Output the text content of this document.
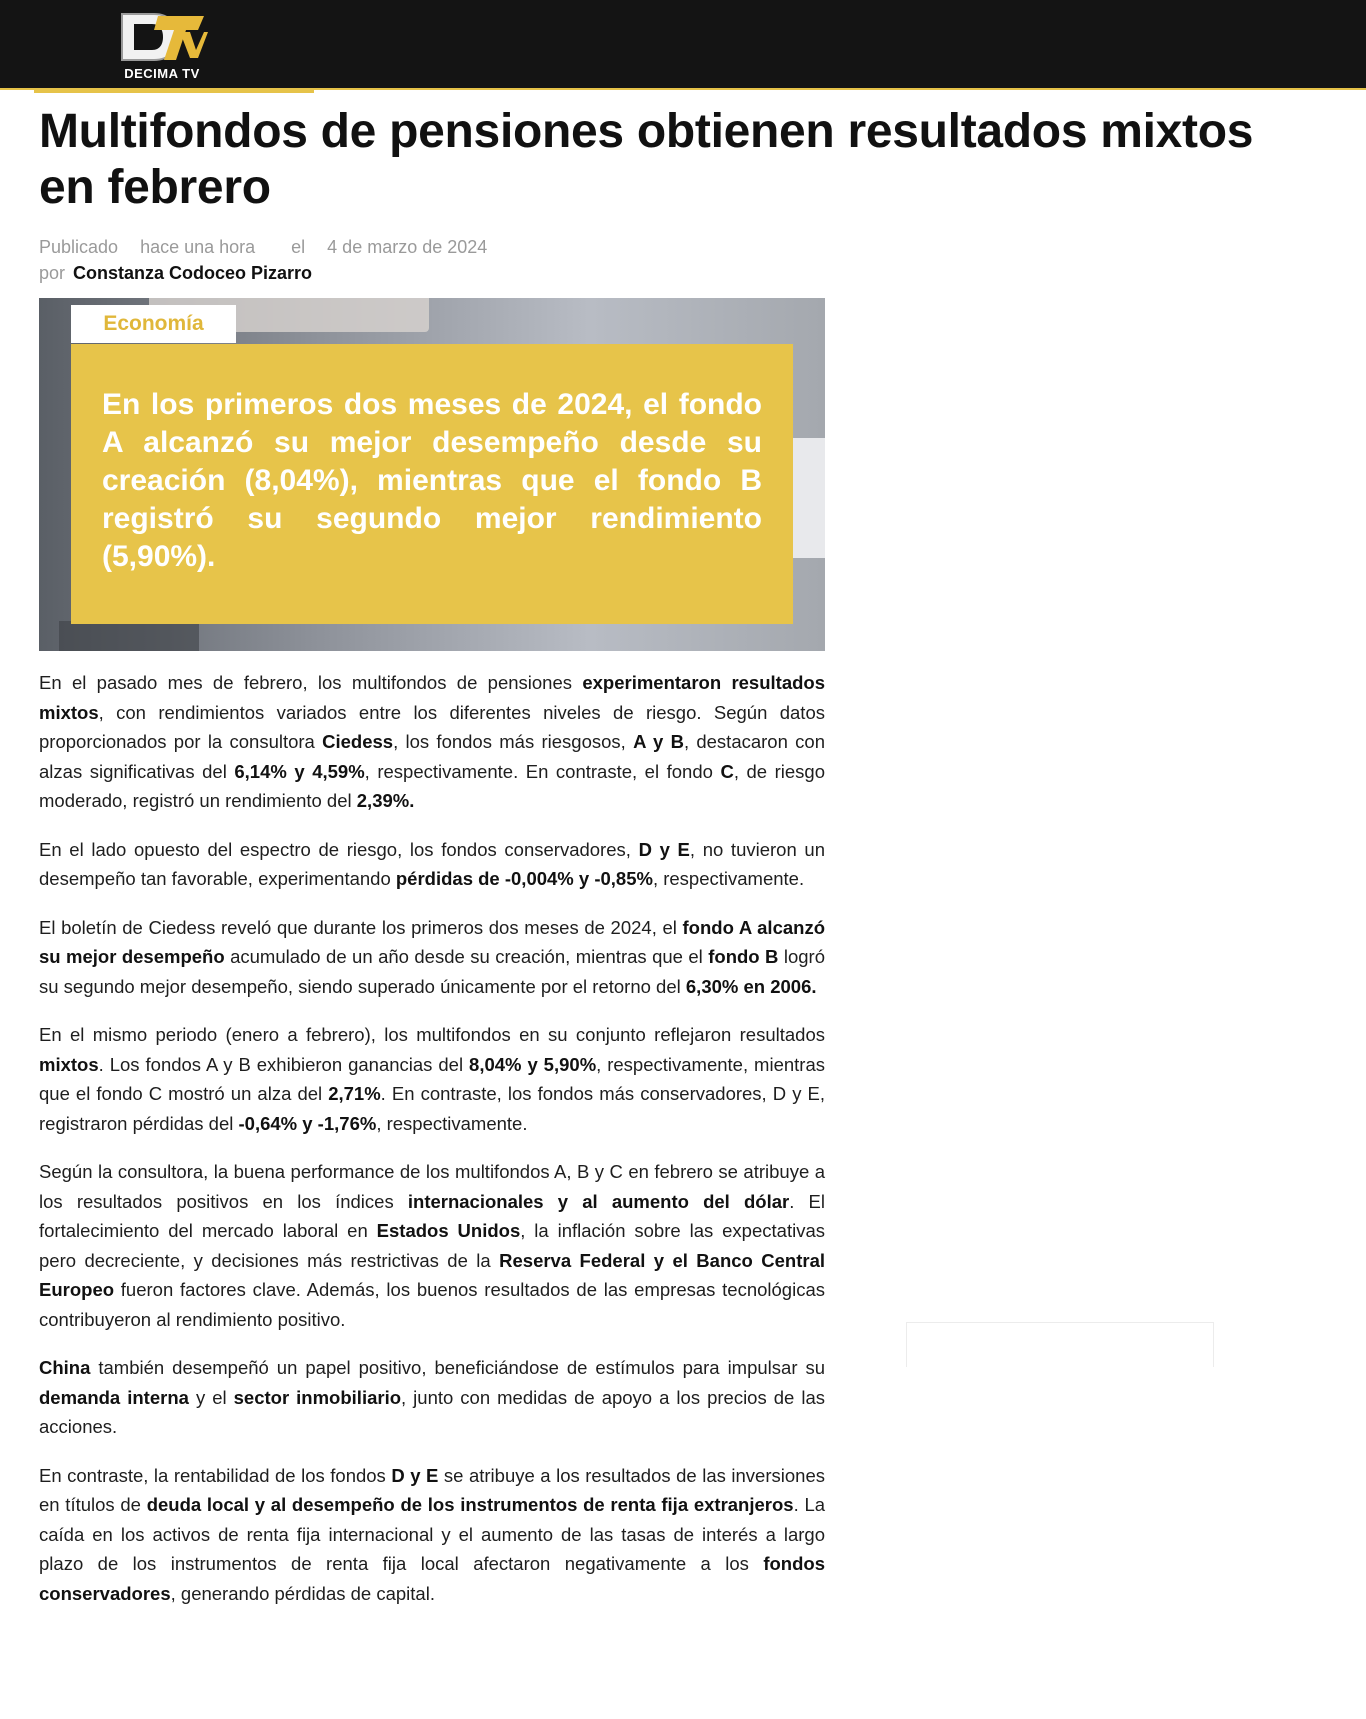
DECIMA TV
Multifondos de pensiones obtienen resultados mixtos en febrero
Publicado hace una hora el 4 de marzo de 2024
por Constanza Codoceo Pizarro
Economía

En los primeros dos meses de 2024, el fondo A alcanzó su mejor desempeño desde su creación (8,04%), mientras que el fondo B registró su segundo mejor rendimiento (5,90%).

En el pasado mes de febrero, los multifondos de pensiones experimentaron resultados mixtos, con rendimientos variados entre los diferentes niveles de riesgo. Según datos proporcionados por la consultora Ciedess, los fondos más riesgosos, A y B, destacaron con alzas significativas del 6,14% y 4,59%, respectivamente. En contraste, el fondo C, de riesgo moderado, registró un rendimiento del 2,39%.

En el lado opuesto del espectro de riesgo, los fondos conservadores, D y E, no tuvieron un desempeño tan favorable, experimentando pérdidas de -0,004% y -0,85%, respectivamente.

El boletín de Ciedess reveló que durante los primeros dos meses de 2024, el fondo A alcanzó su mejor desempeño acumulado de un año desde su creación, mientras que el fondo B logró su segundo mejor desempeño, siendo superado únicamente por el retorno del 6,30% en 2006.

En el mismo periodo (enero a febrero), los multifondos en su conjunto reflejaron resultados mixtos. Los fondos A y B exhibieron ganancias del 8,04% y 5,90%, respectivamente, mientras que el fondo C mostró un alza del 2,71%. En contraste, los fondos más conservadores, D y E, registraron pérdidas del -0,64% y -1,76%, respectivamente.

Según la consultora, la buena performance de los multifondos A, B y C en febrero se atribuye a los resultados positivos en los índices internacionales y al aumento del dólar. El fortalecimiento del mercado laboral en Estados Unidos, la inflación sobre las expectativas pero decreciente, y decisiones más restrictivas de la Reserva Federal y el Banco Central Europeo fueron factores clave. Además, los buenos resultados de las empresas tecnológicas contribuyeron al rendimiento positivo.

China también desempeñó un papel positivo, beneficiándose de estímulos para impulsar su demanda interna y el sector inmobiliario, junto con medidas de apoyo a los precios de las acciones.

En contraste, la rentabilidad de los fondos D y E se atribuye a los resultados de las inversiones en títulos de deuda local y al desempeño de los instrumentos de renta fija extranjeros. La caída en los activos de renta fija internacional y el aumento de las tasas de interés a largo plazo de los instrumentos de renta fija local afectaron negativamente a los fondos conservadores, generando pérdidas de capital.
